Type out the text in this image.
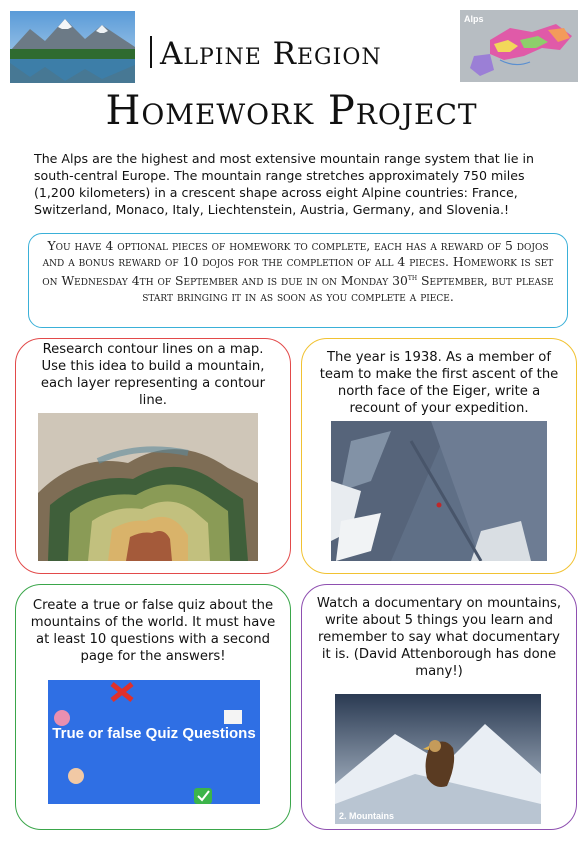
Alps
Alpine Region
Homework Project
The Alps are the highest and most extensive mountain range system that lie in south-central Europe. The mountain range stretches approximately 750 miles (1,200 kilometers) in a crescent shape across eight Alpine countries: France, Switzerland, Monaco, Italy, Liechtenstein, Austria, Germany, and Slovenia.!
You have 4 optional pieces of homework to complete, each has a reward of 5 dojos and a bonus reward of 10 dojos for the completion of all 4 pieces. Homework is set on Wednesday 4th of September and is due in on Monday 30th September, but please start bringing it in as soon as you complete a piece.
Research contour lines on a map. Use this idea to build a mountain, each layer representing a contour line.
The year is 1938. As a member of team to make the first ascent of the north face of the Eiger, write a recount of your expedition.
Create a true or false quiz about the mountains of the world. It must have at least 10 questions with a second page for the answers!
True or false Quiz Questions
Watch a documentary on mountains, write about 5 things you learn and remember to say what documentary it is. (David Attenborough has done many!)
2. Mountains
